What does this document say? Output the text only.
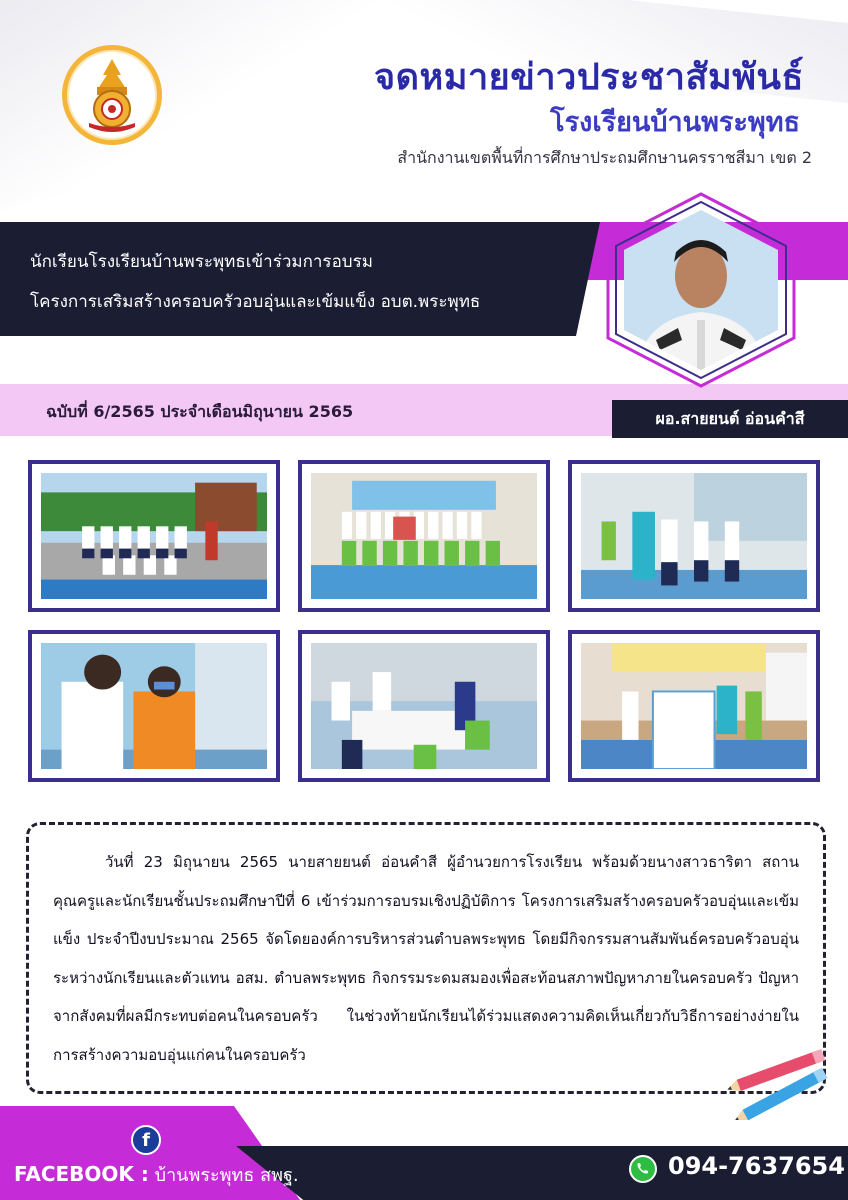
จดหมายข่าวประชาสัมพันธ์
โรงเรียนบ้านพระพุทธ
สำนักงานเขตพื้นที่การศึกษาประถมศึกษานครราชสีมา เขต 2
นักเรียนโรงเรียนบ้านพระพุทธเข้าร่วมการอบรม
โครงการเสริมสร้างครอบครัวอบอุ่นและเข้มแข็ง อบต.พระพุทธ
ฉบับที่ 6/2565 ประจำเดือนมิถุนายน 2565	ผอ.สายยนต์ อ่อนคำสี

วันที่ 23 มิถุนายน 2565 นายสายยนต์ อ่อนคำสี ผู้อำนวยการโรงเรียน พร้อมด้วยนางสาวธาริตา สถาน คุณครูและนักเรียนชั้นประถมศึกษาปีที่ 6 เข้าร่วมการอบรมเชิงปฏิบัติการ โครงการเสริมสร้างครอบครัวอบอุ่นและเข้มแข็ง ประจำปีงบประมาณ 2565 จัดโดยองค์การบริหารส่วนตำบลพระพุทธ โดยมีกิจกรรมสานสัมพันธ์ครอบครัวอบอุ่นระหว่างนักเรียนและตัวแทน อสม. ตำบลพระพุทธ กิจกรรมระดมสมองเพื่อสะท้อนสภาพปัญหาภายในครอบครัว ปัญหาจากสังคมที่ผลมีกระทบต่อคนในครอบครัว ในช่วงท้ายนักเรียนได้ร่วมแสดงความคิดเห็นเกี่ยวกับวิธีการอย่างง่ายในการสร้างความอบอุ่นแก่คนในครอบครัว

f
FACEBOOK : บ้านพระพุทธ สพฐ.	094-7637654
